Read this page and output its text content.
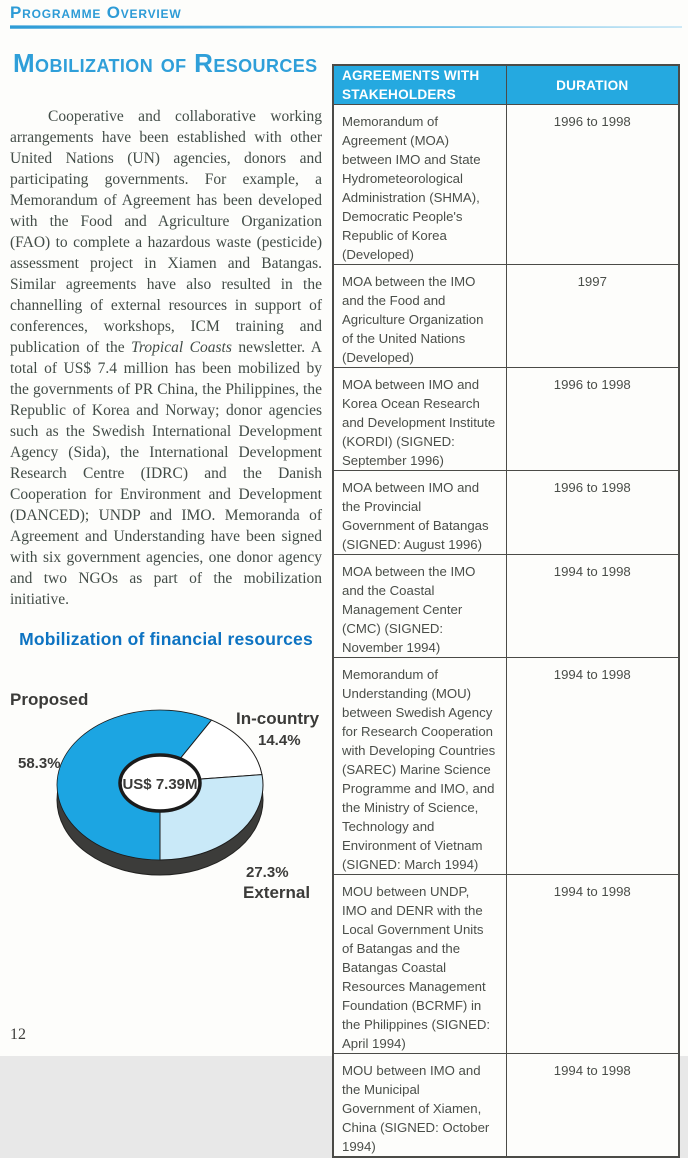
Programme Overview
Mobilization of Resources
Cooperative and collaborative working arrangements have been established with other United Nations (UN) agencies, donors and participating governments. For example, a Memorandum of Agreement has been developed with the Food and Agriculture Organization (FAO) to complete a hazardous waste (pesticide) assessment project in Xiamen and Batangas. Similar agreements have also resulted in the channelling of external resources in support of conferences, workshops, ICM training and publication of the Tropical Coasts newsletter. A total of US$ 7.4 million has been mobilized by the governments of PR China, the Philippines, the Republic of Korea and Norway; donor agencies such as the Swedish International Development Agency (Sida), the International Development Research Centre (IDRC) and the Danish Cooperation for Environment and Development (DANCED); UNDP and IMO. Memoranda of Agreement and Understanding have been signed with six government agencies, one donor agency and two NGOs as part of the mobilization initiative.
Mobilization of financial resources
US$ 7.39M
Proposed
58.3%
In-country
14.4%
27.3%
External
AGREEMENTS WITH STAKEHOLDERS	DURATION
Memorandum of Agreement (MOA) between IMO and State Hydrometeorological Administration (SHMA), Democratic People's Republic of Korea (Developed)	1996 to 1998
MOA between the IMO and the Food and Agriculture Organization of the United Nations (Developed)	1997
MOA between IMO and Korea Ocean Research and Development Institute (KORDI) (SIGNED: September 1996)	1996 to 1998
MOA between IMO and the Provincial Government of Batangas (SIGNED: August 1996)	1996 to 1998
MOA between the IMO and the Coastal Management Center (CMC) (SIGNED: November 1994)	1994 to 1998
Memorandum of Understanding (MOU) between Swedish Agency for Research Cooperation with Developing Countries (SAREC) Marine Science Programme and IMO, and the Ministry of Science, Technology and Environment of Vietnam (SIGNED: March 1994)	1994 to 1998
MOU between UNDP, IMO and DENR with the Local Government Units of Batangas and the Batangas Coastal Resources Management Foundation (BCRMF) in the Philippines (SIGNED: April 1994)	1994 to 1998
MOU between IMO and the Municipal Government of Xiamen, China (SIGNED: October 1994)	1994 to 1998
12
